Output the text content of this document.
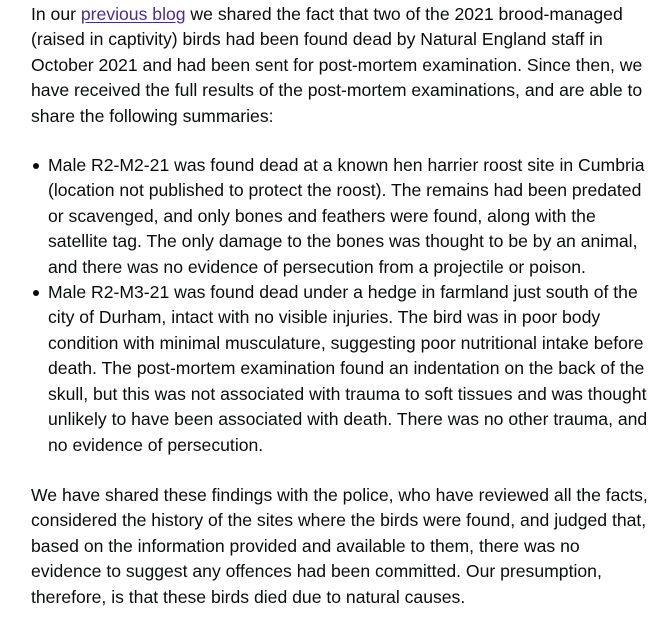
In our previous blog we shared the fact that two of the 2021 brood-managed (raised in captivity) birds had been found dead by Natural England staff in October 2021 and had been sent for post-mortem examination. Since then, we have received the full results of the post-mortem examinations, and are able to share the following summaries:

Male R2-M2-21 was found dead at a known hen harrier roost site in Cumbria (location not published to protect the roost). The remains had been predated or scavenged, and only bones and feathers were found, along with the satellite tag. The only damage to the bones was thought to be by an animal, and there was no evidence of persecution from a projectile or poison.
Male R2-M3-21 was found dead under a hedge in farmland just south of the city of Durham, intact with no visible injuries. The bird was in poor body condition with minimal musculature, suggesting poor nutritional intake before death. The post-mortem examination found an indentation on the back of the skull, but this was not associated with trauma to soft tissues and was thought unlikely to have been associated with death. There was no other trauma, and no evidence of persecution.

We have shared these findings with the police, who have reviewed all the facts, considered the history of the sites where the birds were found, and judged that, based on the information provided and available to them, there was no evidence to suggest any offences had been committed. Our presumption, therefore, is that these birds died due to natural causes.
